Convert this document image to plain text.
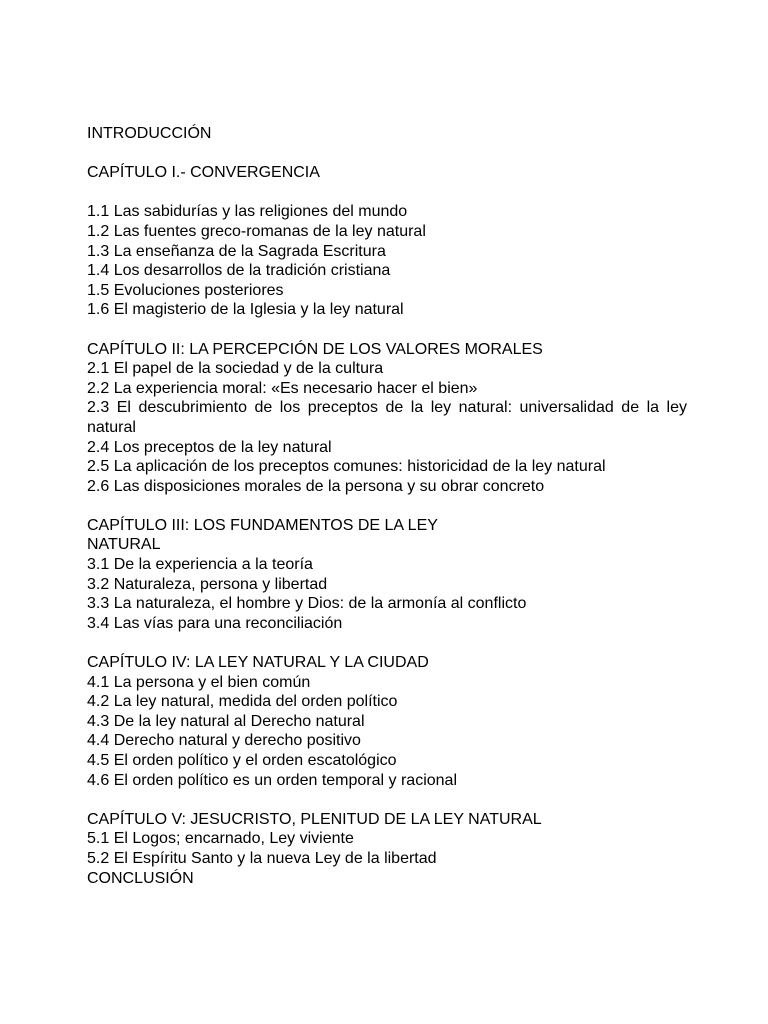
INTRODUCCIÓN
CAPÍTULO I.- CONVERGENCIA
1.1 Las sabidurías y las religiones del mundo
1.2 Las fuentes greco-romanas de la ley natural
1.3 La enseñanza de la Sagrada Escritura
1.4 Los desarrollos de la tradición cristiana
1.5 Evoluciones posteriores
1.6 El magisterio de la Iglesia y la ley natural
CAPÍTULO II: LA PERCEPCIÓN DE LOS VALORES MORALES
2.1 El papel de la sociedad y de la cultura
2.2 La experiencia moral: «Es necesario hacer el bien»
2.3 El descubrimiento de los preceptos de la ley natural: universalidad de la ley natural
2.4 Los preceptos de la ley natural
2.5 La aplicación de los preceptos comunes: historicidad de la ley natural
2.6 Las disposiciones morales de la persona y su obrar concreto
CAPÍTULO III: LOS FUNDAMENTOS DE LA LEY
NATURAL
3.1 De la experiencia a la teoría
3.2 Naturaleza, persona y libertad
3.3 La naturaleza, el hombre y Dios: de la armonía al conflicto
3.4 Las vías para una reconciliación
CAPÍTULO IV: LA LEY NATURAL Y LA CIUDAD
4.1 La persona y el bien común
4.2 La ley natural, medida del orden político
4.3 De la ley natural al Derecho natural
4.4 Derecho natural y derecho positivo
4.5 El orden político y el orden escatológico
4.6 El orden político es un orden temporal y racional
CAPÍTULO V: JESUCRISTO, PLENITUD DE LA LEY NATURAL
5.1 El Logos; encarnado, Ley viviente
5.2 El Espíritu Santo y la nueva Ley de la libertad
CONCLUSIÓN
